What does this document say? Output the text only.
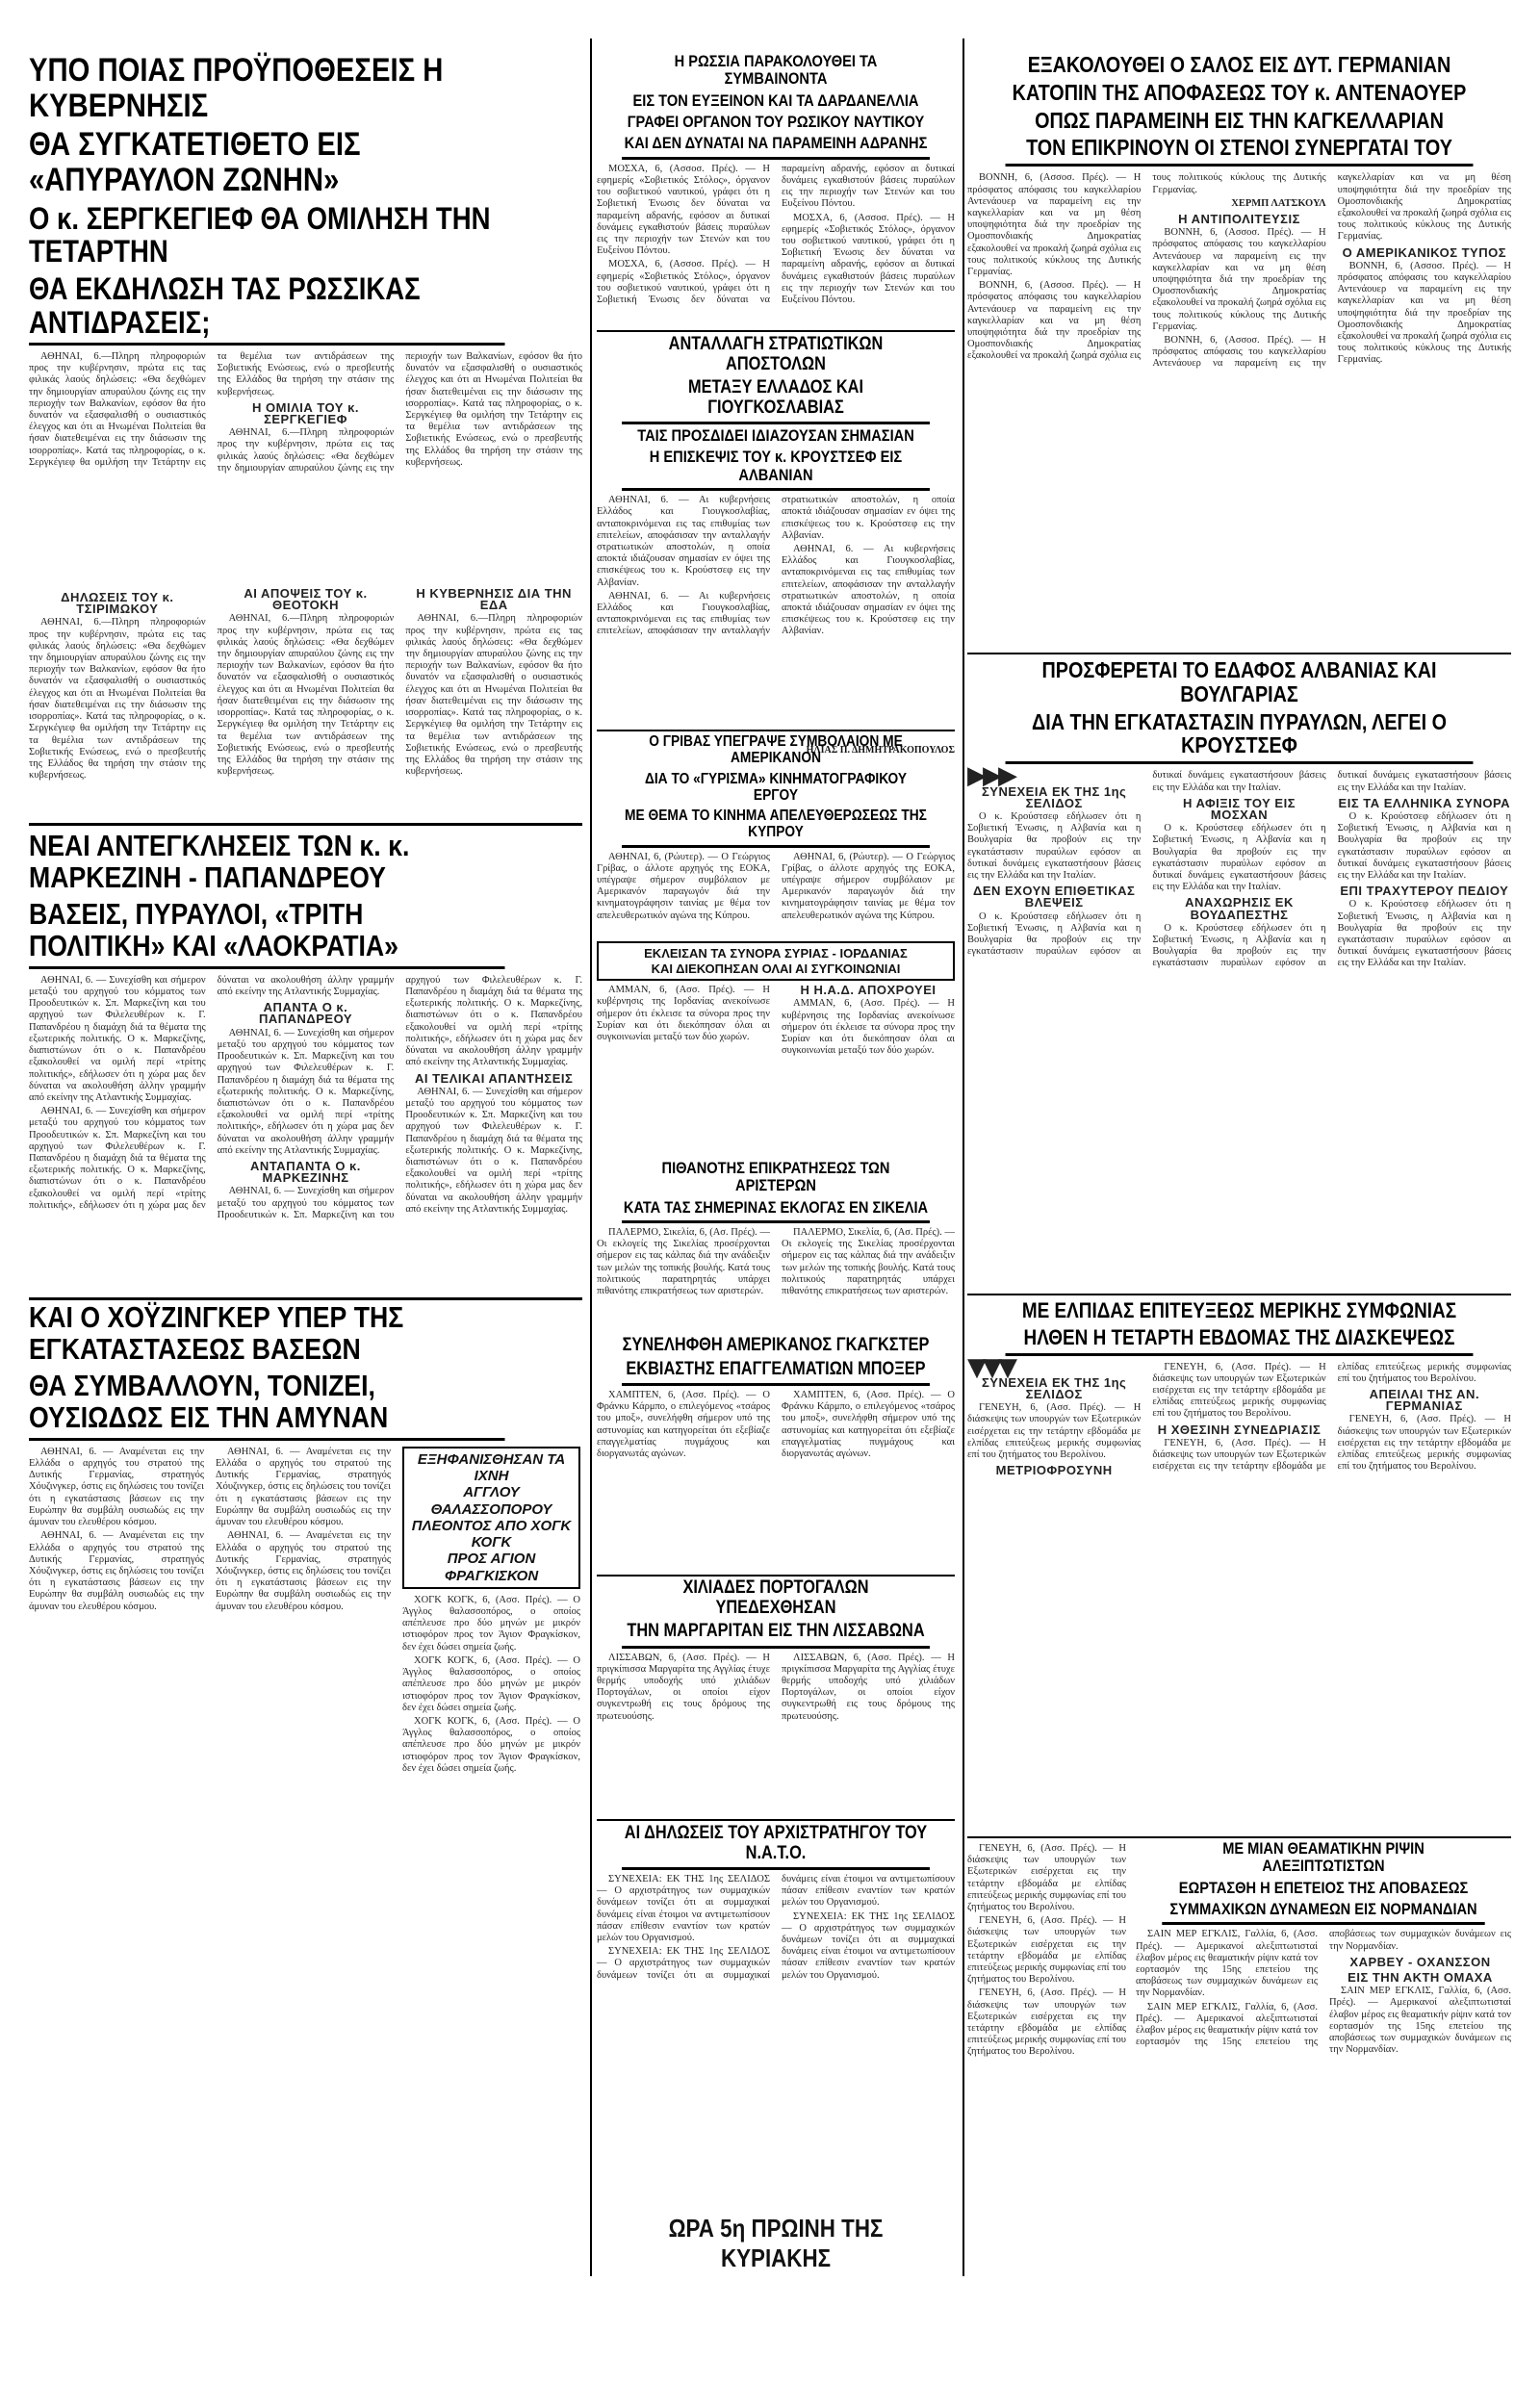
ΥΠΟ ΠΟΙΑΣ ΠΡΟΫΠΟΘΕΣΕΙΣ Η ΚΥΒΕΡΝΗΣΙΣ
ΘΑ ΣΥΓΚΑΤΕΤΙΘΕΤΟ ΕΙΣ «ΑΠΥΡΑΥΛΟΝ ΖΩΝΗΝ»
Ο κ. ΣΕΡΓΚΕΓΙΕΦ ΘΑ ΟΜΙΛΗΣΗ ΤΗΝ ΤΕΤΑΡΤΗΝ
ΘΑ ΕΚΔΗΛΩΣΗ ΤΑΣ ΡΩΣΣΙΚΑΣ ΑΝΤΙΔΡΑΣΕΙΣ;

ΑΘΗΝΑΙ, 6.—Πληρη πληροφοριών προς την κυβέρνησιν, πρώτα εις τας φιλικάς λαούς δηλώσεις: «Θα δεχθώμεν την δημιουργίαν απυραύλου ζώνης εις την περιοχήν των Βαλκανίων, εφόσον θα ήτο δυνατόν να εξασφαλισθή ο ουσιαστικός έλεγχος και ότι αι Ηνωμέναι Πολιτείαι θα ήσαν διατεθειμέναι εις την διάσωσιν της ισορροπίας». Κατά τας πληροφορίας, ο κ. Σεργκέγιεφ θα ομιλήση την Τετάρτην εις τα θεμέλια των αντιδράσεων της Σοβιετικής Ενώσεως, ενώ ο πρεσβευτής της Ελλάδος θα τηρήση την στάσιν της κυβερνήσεως.

Η ΟΜΙΛΙΑ ΤΟΥ κ. ΣΕΡΓΚΕΓΙΕΦ

ΑΘΗΝΑΙ, 6.—Πληρη πληροφοριών προς την κυβέρνησιν, πρώτα εις τας φιλικάς λαούς δηλώσεις: «Θα δεχθώμεν την δημιουργίαν απυραύλου ζώνης εις την περιοχήν των Βαλκανίων, εφόσον θα ήτο δυνατόν να εξασφαλισθή ο ουσιαστικός έλεγχος και ότι αι Ηνωμέναι Πολιτείαι θα ήσαν διατεθειμέναι εις την διάσωσιν της ισορροπίας». Κατά τας πληροφορίας, ο κ. Σεργκέγιεφ θα ομιλήση την Τετάρτην εις τα θεμέλια των αντιδράσεων της Σοβιετικής Ενώσεως, ενώ ο πρεσβευτής της Ελλάδος θα τηρήση την στάσιν της κυβερνήσεως.

ΔΗΛΩΣΕΙΣ ΤΟΥ κ. ΤΣΙΡΙΜΩΚΟΥ

ΑΘΗΝΑΙ, 6.—Πληρη πληροφοριών προς την κυβέρνησιν, πρώτα εις τας φιλικάς λαούς δηλώσεις: «Θα δεχθώμεν την δημιουργίαν απυραύλου ζώνης εις την περιοχήν των Βαλκανίων, εφόσον θα ήτο δυνατόν να εξασφαλισθή ο ουσιαστικός έλεγχος και ότι αι Ηνωμέναι Πολιτείαι θα ήσαν διατεθειμέναι εις την διάσωσιν της ισορροπίας». Κατά τας πληροφορίας, ο κ. Σεργκέγιεφ θα ομιλήση την Τετάρτην εις τα θεμέλια των αντιδράσεων της Σοβιετικής Ενώσεως, ενώ ο πρεσβευτής της Ελλάδος θα τηρήση την στάσιν της κυβερνήσεως.

ΑΙ ΑΠΟΨΕΙΣ ΤΟΥ κ. ΘΕΟΤΟΚΗ

ΑΘΗΝΑΙ, 6.—Πληρη πληροφοριών προς την κυβέρνησιν, πρώτα εις τας φιλικάς λαούς δηλώσεις: «Θα δεχθώμεν την δημιουργίαν απυραύλου ζώνης εις την περιοχήν των Βαλκανίων, εφόσον θα ήτο δυνατόν να εξασφαλισθή ο ουσιαστικός έλεγχος και ότι αι Ηνωμέναι Πολιτείαι θα ήσαν διατεθειμέναι εις την διάσωσιν της ισορροπίας». Κατά τας πληροφορίας, ο κ. Σεργκέγιεφ θα ομιλήση την Τετάρτην εις τα θεμέλια των αντιδράσεων της Σοβιετικής Ενώσεως, ενώ ο πρεσβευτής της Ελλάδος θα τηρήση την στάσιν της κυβερνήσεως.

Η ΚΥΒΕΡΝΗΣΙΣ ΔΙΑ ΤΗΝ ΕΔΑ

ΑΘΗΝΑΙ, 6.—Πληρη πληροφοριών προς την κυβέρνησιν, πρώτα εις τας φιλικάς λαούς δηλώσεις: «Θα δεχθώμεν την δημιουργίαν απυραύλου ζώνης εις την περιοχήν των Βαλκανίων, εφόσον θα ήτο δυνατόν να εξασφαλισθή ο ουσιαστικός έλεγχος και ότι αι Ηνωμέναι Πολιτείαι θα ήσαν διατεθειμέναι εις την διάσωσιν της ισορροπίας». Κατά τας πληροφορίας, ο κ. Σεργκέγιεφ θα ομιλήση την Τετάρτην εις τα θεμέλια των αντιδράσεων της Σοβιετικής Ενώσεως, ενώ ο πρεσβευτής της Ελλάδος θα τηρήση την στάσιν της κυβερνήσεως.

ΝΕΑΙ ΑΝΤΕΓΚΛΗΣΕΙΣ ΤΩΝ κ. κ. ΜΑΡΚΕΖΙΝΗ - ΠΑΠΑΝΔΡΕΟΥ
ΒΑΣΕΙΣ, ΠΥΡΑΥΛΟΙ, «ΤΡΙΤΗ ΠΟΛΙΤΙΚΗ» ΚΑΙ «ΛΑΟΚΡΑΤΙΑ»

ΑΘΗΝΑΙ, 6. — Συνεχίσθη και σήμερον μεταξύ του αρχηγού του κόμματος των Προοδευτικών κ. Σπ. Μαρκεζίνη και του αρχηγού των Φιλελευθέρων κ. Γ. Παπανδρέου η διαμάχη διά τα θέματα της εξωτερικής πολιτικής. Ο κ. Μαρκεζίνης, διαπιστώνων ότι ο κ. Παπανδρέου εξακολουθεί να ομιλή περί «τρίτης πολιτικής», εδήλωσεν ότι η χώρα μας δεν δύναται να ακολουθήση άλλην γραμμήν από εκείνην της Ατλαντικής Συμμαχίας.

ΑΘΗΝΑΙ, 6. — Συνεχίσθη και σήμερον μεταξύ του αρχηγού του κόμματος των Προοδευτικών κ. Σπ. Μαρκεζίνη και του αρχηγού των Φιλελευθέρων κ. Γ. Παπανδρέου η διαμάχη διά τα θέματα της εξωτερικής πολιτικής. Ο κ. Μαρκεζίνης, διαπιστώνων ότι ο κ. Παπανδρέου εξακολουθεί να ομιλή περί «τρίτης πολιτικής», εδήλωσεν ότι η χώρα μας δεν δύναται να ακολουθήση άλλην γραμμήν από εκείνην της Ατλαντικής Συμμαχίας.

ΑΠΑΝΤΑ Ο κ. ΠΑΠΑΝΔΡΕΟΥ

ΑΘΗΝΑΙ, 6. — Συνεχίσθη και σήμερον μεταξύ του αρχηγού του κόμματος των Προοδευτικών κ. Σπ. Μαρκεζίνη και του αρχηγού των Φιλελευθέρων κ. Γ. Παπανδρέου η διαμάχη διά τα θέματα της εξωτερικής πολιτικής. Ο κ. Μαρκεζίνης, διαπιστώνων ότι ο κ. Παπανδρέου εξακολουθεί να ομιλή περί «τρίτης πολιτικής», εδήλωσεν ότι η χώρα μας δεν δύναται να ακολουθήση άλλην γραμμήν από εκείνην της Ατλαντικής Συμμαχίας.

ΑΝΤΑΠΑΝΤΑ Ο κ. ΜΑΡΚΕΖΙΝΗΣ

ΑΘΗΝΑΙ, 6. — Συνεχίσθη και σήμερον μεταξύ του αρχηγού του κόμματος των Προοδευτικών κ. Σπ. Μαρκεζίνη και του αρχηγού των Φιλελευθέρων κ. Γ. Παπανδρέου η διαμάχη διά τα θέματα της εξωτερικής πολιτικής. Ο κ. Μαρκεζίνης, διαπιστώνων ότι ο κ. Παπανδρέου εξακολουθεί να ομιλή περί «τρίτης πολιτικής», εδήλωσεν ότι η χώρα μας δεν δύναται να ακολουθήση άλλην γραμμήν από εκείνην της Ατλαντικής Συμμαχίας.

ΑΙ ΤΕΛΙΚΑΙ ΑΠΑΝΤΗΣΕΙΣ

ΑΘΗΝΑΙ, 6. — Συνεχίσθη και σήμερον μεταξύ του αρχηγού του κόμματος των Προοδευτικών κ. Σπ. Μαρκεζίνη και του αρχηγού των Φιλελευθέρων κ. Γ. Παπανδρέου η διαμάχη διά τα θέματα της εξωτερικής πολιτικής. Ο κ. Μαρκεζίνης, διαπιστώνων ότι ο κ. Παπανδρέου εξακολουθεί να ομιλή περί «τρίτης πολιτικής», εδήλωσεν ότι η χώρα μας δεν δύναται να ακολουθήση άλλην γραμμήν από εκείνην της Ατλαντικής Συμμαχίας.

ΚΑΙ Ο ΧΟΫΖΙΝΓΚΕΡ ΥΠΕΡ ΤΗΣ ΕΓΚΑΤΑΣΤΑΣΕΩΣ ΒΑΣΕΩΝ
ΘΑ ΣΥΜΒΑΛΛΟΥΝ, ΤΟΝΙΖΕΙ, ΟΥΣΙΩΔΩΣ ΕΙΣ ΤΗΝ ΑΜΥΝΑΝ

ΑΘΗΝΑΙ, 6. — Αναμένεται εις την Ελλάδα ο αρχηγός του στρατού της Δυτικής Γερμανίας, στρατηγός Χόυζινγκερ, όστις εις δηλώσεις του τονίζει ότι η εγκατάστασις βάσεων εις την Ευρώπην θα συμβάλη ουσιωδώς εις την άμυναν του ελευθέρου κόσμου.

ΑΘΗΝΑΙ, 6. — Αναμένεται εις την Ελλάδα ο αρχηγός του στρατού της Δυτικής Γερμανίας, στρατηγός Χόυζινγκερ, όστις εις δηλώσεις του τονίζει ότι η εγκατάστασις βάσεων εις την Ευρώπην θα συμβάλη ουσιωδώς εις την άμυναν του ελευθέρου κόσμου.

ΑΘΗΝΑΙ, 6. — Αναμένεται εις την Ελλάδα ο αρχηγός του στρατού της Δυτικής Γερμανίας, στρατηγός Χόυζινγκερ, όστις εις δηλώσεις του τονίζει ότι η εγκατάστασις βάσεων εις την Ευρώπην θα συμβάλη ουσιωδώς εις την άμυναν του ελευθέρου κόσμου.

ΑΘΗΝΑΙ, 6. — Αναμένεται εις την Ελλάδα ο αρχηγός του στρατού της Δυτικής Γερμανίας, στρατηγός Χόυζινγκερ, όστις εις δηλώσεις του τονίζει ότι η εγκατάστασις βάσεων εις την Ευρώπην θα συμβάλη ουσιωδώς εις την άμυναν του ελευθέρου κόσμου.

ΕΞΗΦΑΝΙΣΘΗΣΑΝ ΤΑ ΙΧΝΗ
ΑΓΓΛΟΥ ΘΑΛΑΣΣΟΠΟΡΟΥ
ΠΛΕΟΝΤΟΣ ΑΠΟ ΧΟΓΚ ΚΟΓΚ
ΠΡΟΣ ΑΓΙΟΝ ΦΡΑΓΚΙΣΚΟΝ

ΧΟΓΚ ΚΟΓΚ, 6, (Ασσ. Πρές). — Ο Άγγλος θαλασσοπόρος, ο οποίος απέπλευσε προ δύο μηνών με μικρόν ιστιοφόρον προς τον Άγιον Φραγκίσκον, δεν έχει δώσει σημεία ζωής.

ΧΟΓΚ ΚΟΓΚ, 6, (Ασσ. Πρές). — Ο Άγγλος θαλασσοπόρος, ο οποίος απέπλευσε προ δύο μηνών με μικρόν ιστιοφόρον προς τον Άγιον Φραγκίσκον, δεν έχει δώσει σημεία ζωής.

ΧΟΓΚ ΚΟΓΚ, 6, (Ασσ. Πρές). — Ο Άγγλος θαλασσοπόρος, ο οποίος απέπλευσε προ δύο μηνών με μικρόν ιστιοφόρον προς τον Άγιον Φραγκίσκον, δεν έχει δώσει σημεία ζωής.

Η ΡΩΣΣΙΑ ΠΑΡΑΚΟΛΟΥΘΕΙ ΤΑ ΣΥΜΒΑΙΝΟΝΤΑ
ΕΙΣ ΤΟΝ ΕΥΞΕΙΝΟΝ ΚΑΙ ΤΑ ΔΑΡΔΑΝΕΛΛΙΑ
ΓΡΑΦΕΙ ΟΡΓΑΝΟΝ ΤΟΥ ΡΩΣΙΚΟΥ ΝΑΥΤΙΚΟΥ
ΚΑΙ ΔΕΝ ΔΥΝΑΤΑΙ ΝΑ ΠΑΡΑΜΕΙΝΗ ΑΔΡΑΝΗΣ

ΜΟΣΧΑ, 6, (Ασσοσ. Πρές). — Η εφημερίς «Σοβιετικός Στόλος», όργανον του σοβιετικού ναυτικού, γράφει ότι η Σοβιετική Ένωσις δεν δύναται να παραμείνη αδρανής, εφόσον αι δυτικαί δυνάμεις εγκαθιστούν βάσεις πυραύλων εις την περιοχήν των Στενών και του Ευξείνου Πόντου.

ΜΟΣΧΑ, 6, (Ασσοσ. Πρές). — Η εφημερίς «Σοβιετικός Στόλος», όργανον του σοβιετικού ναυτικού, γράφει ότι η Σοβιετική Ένωσις δεν δύναται να παραμείνη αδρανής, εφόσον αι δυτικαί δυνάμεις εγκαθιστούν βάσεις πυραύλων εις την περιοχήν των Στενών και του Ευξείνου Πόντου.

ΜΟΣΧΑ, 6, (Ασσοσ. Πρές). — Η εφημερίς «Σοβιετικός Στόλος», όργανον του σοβιετικού ναυτικού, γράφει ότι η Σοβιετική Ένωσις δεν δύναται να παραμείνη αδρανής, εφόσον αι δυτικαί δυνάμεις εγκαθιστούν βάσεις πυραύλων εις την περιοχήν των Στενών και του Ευξείνου Πόντου.

ΑΝΤΑΛΛΑΓΗ ΣΤΡΑΤΙΩΤΙΚΩΝ ΑΠΟΣΤΟΛΩΝ
ΜΕΤΑΞΥ ΕΛΛΑΔΟΣ ΚΑΙ ΓΙΟΥΓΚΟΣΛΑΒΙΑΣ
ΤΑΙΣ ΠΡΟΣΔΙΔΕΙ ΙΔΙΑΖΟΥΣΑΝ ΣΗΜΑΣΙΑΝ
Η ΕΠΙΣΚΕΨΙΣ ΤΟΥ κ. ΚΡΟΥΣΤΣΕΦ ΕΙΣ ΑΛΒΑΝΙΑΝ

ΑΘΗΝΑΙ, 6. — Αι κυβερνήσεις Ελλάδος και Γιουγκοσλαβίας, ανταποκρινόμεναι εις τας επιθυμίας των επιτελείων, αποφάσισαν την ανταλλαγήν στρατιωτικών αποστολών, η οποία αποκτά ιδιάζουσαν σημασίαν εν όψει της επισκέψεως του κ. Κρούστσεφ εις την Αλβανίαν.

ΑΘΗΝΑΙ, 6. — Αι κυβερνήσεις Ελλάδος και Γιουγκοσλαβίας, ανταποκρινόμεναι εις τας επιθυμίας των επιτελείων, αποφάσισαν την ανταλλαγήν στρατιωτικών αποστολών, η οποία αποκτά ιδιάζουσαν σημασίαν εν όψει της επισκέψεως του κ. Κρούστσεφ εις την Αλβανίαν.

ΑΘΗΝΑΙ, 6. — Αι κυβερνήσεις Ελλάδος και Γιουγκοσλαβίας, ανταποκρινόμεναι εις τας επιθυμίας των επιτελείων, αποφάσισαν την ανταλλαγήν στρατιωτικών αποστολών, η οποία αποκτά ιδιάζουσαν σημασίαν εν όψει της επισκέψεως του κ. Κρούστσεφ εις την Αλβανίαν.

ΗΛΙΑΣ Π. ΔΗΜΗΤΡΑΚΟΠΟΥΛΟΣ
Ο ΓΡΙΒΑΣ ΥΠΕΓΡΑΨΕ ΣΥΜΒΟΛΑΙΟΝ ΜΕ ΑΜΕΡΙΚΑΝΟΝ
ΔΙΑ ΤΟ «ΓΥΡΙΣΜΑ» ΚΙΝΗΜΑΤΟΓΡΑΦΙΚΟΥ ΕΡΓΟΥ
ΜΕ ΘΕΜΑ ΤΟ ΚΙΝΗΜΑ ΑΠΕΛΕΥΘΕΡΩΣΕΩΣ ΤΗΣ ΚΥΠΡΟΥ

ΑΘΗΝΑΙ, 6, (Ρώυτερ). — Ο Γεώργιος Γρίβας, ο άλλοτε αρχηγός της ΕΟΚΑ, υπέγραψε σήμερον συμβόλαιον με Αμερικανόν παραγωγόν διά την κινηματογράφησιν ταινίας με θέμα τον απελευθερωτικόν αγώνα της Κύπρου.

ΑΘΗΝΑΙ, 6, (Ρώυτερ). — Ο Γεώργιος Γρίβας, ο άλλοτε αρχηγός της ΕΟΚΑ, υπέγραψε σήμερον συμβόλαιον με Αμερικανόν παραγωγόν διά την κινηματογράφησιν ταινίας με θέμα τον απελευθερωτικόν αγώνα της Κύπρου.

ΕΚΛΕΙΣΑΝ ΤΑ ΣΥΝΟΡΑ ΣΥΡΙΑΣ - ΙΟΡΔΑΝΙΑΣ
ΚΑΙ ΔΙΕΚΟΠΗΣΑΝ ΟΛΑΙ ΑΙ ΣΥΓΚΟΙΝΩΝΙΑΙ

ΑΜΜΑΝ, 6, (Ασσ. Πρές). — Η κυβέρνησις της Ιορδανίας ανεκοίνωσε σήμερον ότι έκλεισε τα σύνορα προς την Συρίαν και ότι διεκόπησαν όλαι αι συγκοινωνίαι μεταξύ των δύο χωρών.

Η Η.Α.Δ. ΑΠΟΧΡΟΥΕΙ

ΑΜΜΑΝ, 6, (Ασσ. Πρές). — Η κυβέρνησις της Ιορδανίας ανεκοίνωσε σήμερον ότι έκλεισε τα σύνορα προς την Συρίαν και ότι διεκόπησαν όλαι αι συγκοινωνίαι μεταξύ των δύο χωρών.

ΠΙΘΑΝΟΤΗΣ ΕΠΙΚΡΑΤΗΣΕΩΣ ΤΩΝ ΑΡΙΣΤΕΡΩΝ
ΚΑΤΑ ΤΑΣ ΣΗΜΕΡΙΝΑΣ ΕΚΛΟΓΑΣ ΕΝ ΣΙΚΕΛΙΑ

ΠΑΛΕΡΜΟ, Σικελία, 6, (Ασ. Πρές). — Οι εκλογείς της Σικελίας προσέρχονται σήμερον εις τας κάλπας διά την ανάδειξιν των μελών της τοπικής βουλής. Κατά τους πολιτικούς παρατηρητάς υπάρχει πιθανότης επικρατήσεως των αριστερών.

ΠΑΛΕΡΜΟ, Σικελία, 6, (Ασ. Πρές). — Οι εκλογείς της Σικελίας προσέρχονται σήμερον εις τας κάλπας διά την ανάδειξιν των μελών της τοπικής βουλής. Κατά τους πολιτικούς παρατηρητάς υπάρχει πιθανότης επικρατήσεως των αριστερών.

ΣΥΝΕΛΗΦΘΗ ΑΜΕΡΙΚΑΝΟΣ ΓΚΑΓΚΣΤΕΡ
ΕΚΒΙΑΣΤΗΣ ΕΠΑΓΓΕΛΜΑΤΙΩΝ ΜΠΟΞΕΡ

ΧΑΜΠΤΕΝ, 6, (Ασσ. Πρές). — Ο Φράνκυ Κάρμπο, ο επιλεγόμενος «τσάρος του μποξ», συνελήφθη σήμερον υπό της αστυνομίας και κατηγορείται ότι εξεβίαζε επαγγελματίας πυγμάχους και διοργανωτάς αγώνων.

ΧΑΜΠΤΕΝ, 6, (Ασσ. Πρές). — Ο Φράνκυ Κάρμπο, ο επιλεγόμενος «τσάρος του μποξ», συνελήφθη σήμερον υπό της αστυνομίας και κατηγορείται ότι εξεβίαζε επαγγελματίας πυγμάχους και διοργανωτάς αγώνων.

ΧΙΛΙΑΔΕΣ ΠΟΡΤΟΓΑΛΩΝ ΥΠΕΔΕΧΘΗΣΑΝ
ΤΗΝ ΜΑΡΓΑΡΙΤΑΝ ΕΙΣ ΤΗΝ ΛΙΣΣΑΒΩΝΑ

ΛΙΣΣΑΒΩΝ, 6, (Ασσ. Πρές). — Η πριγκίπισσα Μαργαρίτα της Αγγλίας έτυχε θερμής υποδοχής υπό χιλιάδων Πορτογάλων, οι οποίοι είχον συγκεντρωθή εις τους δρόμους της πρωτευούσης.

ΛΙΣΣΑΒΩΝ, 6, (Ασσ. Πρές). — Η πριγκίπισσα Μαργαρίτα της Αγγλίας έτυχε θερμής υποδοχής υπό χιλιάδων Πορτογάλων, οι οποίοι είχον συγκεντρωθή εις τους δρόμους της πρωτευούσης.

ΑΙ ΔΗΛΩΣΕΙΣ ΤΟΥ ΑΡΧΙΣΤΡΑΤΗΓΟΥ ΤΟΥ Ν.Α.Τ.Ο.

ΣΥΝΕΧΕΙΑ: ΕΚ ΤΗΣ 1ης ΣΕΛΙΔΟΣ — Ο αρχιστράτηγος των συμμαχικών δυνάμεων τονίζει ότι αι συμμαχικαί δυνάμεις είναι έτοιμοι να αντιμετωπίσουν πάσαν επίθεσιν εναντίον των κρατών μελών του Οργανισμού.

ΣΥΝΕΧΕΙΑ: ΕΚ ΤΗΣ 1ης ΣΕΛΙΔΟΣ — Ο αρχιστράτηγος των συμμαχικών δυνάμεων τονίζει ότι αι συμμαχικαί δυνάμεις είναι έτοιμοι να αντιμετωπίσουν πάσαν επίθεσιν εναντίον των κρατών μελών του Οργανισμού.

ΣΥΝΕΧΕΙΑ: ΕΚ ΤΗΣ 1ης ΣΕΛΙΔΟΣ — Ο αρχιστράτηγος των συμμαχικών δυνάμεων τονίζει ότι αι συμμαχικαί δυνάμεις είναι έτοιμοι να αντιμετωπίσουν πάσαν επίθεσιν εναντίον των κρατών μελών του Οργανισμού.

ΩΡΑ 5η ΠΡΩΙΝΗ ΤΗΣ ΚΥΡΙΑΚΗΣ
ΕΞΑΚΟΛΟΥΘΕΙ Ο ΣΑΛΟΣ ΕΙΣ ΔΥΤ. ΓΕΡΜΑΝΙΑΝ
ΚΑΤΟΠΙΝ ΤΗΣ ΑΠΟΦΑΣΕΩΣ ΤΟΥ κ. ΑΝΤΕΝΑΟΥΕΡ
ΟΠΩΣ ΠΑΡΑΜΕΙΝΗ ΕΙΣ ΤΗΝ ΚΑΓΚΕΛΛΑΡΙΑΝ
ΤΟΝ ΕΠΙΚΡΙΝΟΥΝ ΟΙ ΣΤΕΝΟΙ ΣΥΝΕΡΓΑΤΑΙ ΤΟΥ

ΒΟΝΝΗ, 6, (Ασσοσ. Πρές). — Η πρόσφατος απόφασις του καγκελλαρίου Αντενάουερ να παραμείνη εις την καγκελλαρίαν και να μη θέση υποψηφιότητα διά την προεδρίαν της Ομοσπονδιακής Δημοκρατίας εξακολουθεί να προκαλή ζωηρά σχόλια εις τους πολιτικούς κύκλους της Δυτικής Γερμανίας.

ΒΟΝΝΗ, 6, (Ασσοσ. Πρές). — Η πρόσφατος απόφασις του καγκελλαρίου Αντενάουερ να παραμείνη εις την καγκελλαρίαν και να μη θέση υποψηφιότητα διά την προεδρίαν της Ομοσπονδιακής Δημοκρατίας εξακολουθεί να προκαλή ζωηρά σχόλια εις τους πολιτικούς κύκλους της Δυτικής Γερμανίας.

ΧΕΡΜΠ ΛΑΤΣΚΟΥΛ
Η ΑΝΤΙΠΟΛΙΤΕΥΣΙΣ

ΒΟΝΝΗ, 6, (Ασσοσ. Πρές). — Η πρόσφατος απόφασις του καγκελλαρίου Αντενάουερ να παραμείνη εις την καγκελλαρίαν και να μη θέση υποψηφιότητα διά την προεδρίαν της Ομοσπονδιακής Δημοκρατίας εξακολουθεί να προκαλή ζωηρά σχόλια εις τους πολιτικούς κύκλους της Δυτικής Γερμανίας.

ΒΟΝΝΗ, 6, (Ασσοσ. Πρές). — Η πρόσφατος απόφασις του καγκελλαρίου Αντενάουερ να παραμείνη εις την καγκελλαρίαν και να μη θέση υποψηφιότητα διά την προεδρίαν της Ομοσπονδιακής Δημοκρατίας εξακολουθεί να προκαλή ζωηρά σχόλια εις τους πολιτικούς κύκλους της Δυτικής Γερμανίας.

Ο ΑΜΕΡΙΚΑΝΙΚΟΣ ΤΥΠΟΣ

ΒΟΝΝΗ, 6, (Ασσοσ. Πρές). — Η πρόσφατος απόφασις του καγκελλαρίου Αντενάουερ να παραμείνη εις την καγκελλαρίαν και να μη θέση υποψηφιότητα διά την προεδρίαν της Ομοσπονδιακής Δημοκρατίας εξακολουθεί να προκαλή ζωηρά σχόλια εις τους πολιτικούς κύκλους της Δυτικής Γερμανίας.

ΠΡΟΣΦΕΡΕΤΑΙ ΤΟ ΕΔΑΦΟΣ ΑΛΒΑΝΙΑΣ ΚΑΙ ΒΟΥΛΓΑΡΙΑΣ
ΔΙΑ ΤΗΝ ΕΓΚΑΤΑΣΤΑΣΙΝ ΠΥΡΑΥΛΩΝ, ΛΕΓΕΙ Ο ΚΡΟΥΣΤΣΕΦ
▶▶▶
ΣΥΝΕΧΕΙΑ ΕΚ ΤΗΣ 1ης ΣΕΛΙΔΟΣ

Ο κ. Κρούστσεφ εδήλωσεν ότι η Σοβιετική Ένωσις, η Αλβανία και η Βουλγαρία θα προβούν εις την εγκατάστασιν πυραύλων εφόσον αι δυτικαί δυνάμεις εγκαταστήσουν βάσεις εις την Ελλάδα και την Ιταλίαν.

ΔΕΝ ΕΧΟΥΝ ΕΠΙΘΕΤΙΚΑΣ ΒΛΕΨΕΙΣ

Ο κ. Κρούστσεφ εδήλωσεν ότι η Σοβιετική Ένωσις, η Αλβανία και η Βουλγαρία θα προβούν εις την εγκατάστασιν πυραύλων εφόσον αι δυτικαί δυνάμεις εγκαταστήσουν βάσεις εις την Ελλάδα και την Ιταλίαν.

Η ΑΦΙΞΙΣ ΤΟΥ ΕΙΣ ΜΟΣΧΑΝ

Ο κ. Κρούστσεφ εδήλωσεν ότι η Σοβιετική Ένωσις, η Αλβανία και η Βουλγαρία θα προβούν εις την εγκατάστασιν πυραύλων εφόσον αι δυτικαί δυνάμεις εγκαταστήσουν βάσεις εις την Ελλάδα και την Ιταλίαν.

ΑΝΑΧΩΡΗΣΙΣ ΕΚ ΒΟΥΔΑΠΕΣΤΗΣ

Ο κ. Κρούστσεφ εδήλωσεν ότι η Σοβιετική Ένωσις, η Αλβανία και η Βουλγαρία θα προβούν εις την εγκατάστασιν πυραύλων εφόσον αι δυτικαί δυνάμεις εγκαταστήσουν βάσεις εις την Ελλάδα και την Ιταλίαν.

ΕΙΣ ΤΑ ΕΛΛΗΝΙΚΑ ΣΥΝΟΡΑ

Ο κ. Κρούστσεφ εδήλωσεν ότι η Σοβιετική Ένωσις, η Αλβανία και η Βουλγαρία θα προβούν εις την εγκατάστασιν πυραύλων εφόσον αι δυτικαί δυνάμεις εγκαταστήσουν βάσεις εις την Ελλάδα και την Ιταλίαν.

ΕΠΙ ΤΡΑΧΥΤΕΡΟΥ ΠΕΔΙΟΥ

Ο κ. Κρούστσεφ εδήλωσεν ότι η Σοβιετική Ένωσις, η Αλβανία και η Βουλγαρία θα προβούν εις την εγκατάστασιν πυραύλων εφόσον αι δυτικαί δυνάμεις εγκαταστήσουν βάσεις εις την Ελλάδα και την Ιταλίαν.

ΜΕ ΕΛΠΙΔΑΣ ΕΠΙΤΕΥΞΕΩΣ ΜΕΡΙΚΗΣ ΣΥΜΦΩΝΙΑΣ
ΗΛΘΕΝ Η ΤΕΤΑΡΤΗ ΕΒΔΟΜΑΣ ΤΗΣ ΔΙΑΣΚΕΨΕΩΣ
▼▼▼
ΣΥΝΕΧΕΙΑ ΕΚ ΤΗΣ 1ης ΣΕΛΙΔΟΣ

ΓΕΝΕΥΗ, 6, (Ασσ. Πρές). — Η διάσκεψις των υπουργών των Εξωτερικών εισέρχεται εις την τετάρτην εβδομάδα με ελπίδας επιτεύξεως μερικής συμφωνίας επί του ζητήματος του Βερολίνου.

ΜΕΤΡΙΟΦΡΟΣΥΝΗ

ΓΕΝΕΥΗ, 6, (Ασσ. Πρές). — Η διάσκεψις των υπουργών των Εξωτερικών εισέρχεται εις την τετάρτην εβδομάδα με ελπίδας επιτεύξεως μερικής συμφωνίας επί του ζητήματος του Βερολίνου.

Η ΧΘΕΣΙΝΗ ΣΥΝΕΔΡΙΑΣΙΣ

ΓΕΝΕΥΗ, 6, (Ασσ. Πρές). — Η διάσκεψις των υπουργών των Εξωτερικών εισέρχεται εις την τετάρτην εβδομάδα με ελπίδας επιτεύξεως μερικής συμφωνίας επί του ζητήματος του Βερολίνου.

ΑΠΕΙΛΑΙ ΤΗΣ ΑΝ. ΓΕΡΜΑΝΙΑΣ

ΓΕΝΕΥΗ, 6, (Ασσ. Πρές). — Η διάσκεψις των υπουργών των Εξωτερικών εισέρχεται εις την τετάρτην εβδομάδα με ελπίδας επιτεύξεως μερικής συμφωνίας επί του ζητήματος του Βερολίνου.

ΜΕ ΜΙΑΝ ΘΕΑΜΑΤΙΚΗΝ ΡΙΨΙΝ ΑΛΕΞΙΠΤΩΤΙΣΤΩΝ
ΕΩΡΤΑΣΘΗ Η ΕΠΕΤΕΙΟΣ ΤΗΣ ΑΠΟΒΑΣΕΩΣ
ΣΥΜΜΑΧΙΚΩΝ ΔΥΝΑΜΕΩΝ ΕΙΣ ΝΟΡΜΑΝΔΙΑΝ

ΣΑΙΝ ΜΕΡ ΕΓΚΛΙΣ, Γαλλία, 6, (Ασσ. Πρές). — Αμερικανοί αλεξιπτωτισταί έλαβον μέρος εις θεαματικήν ρίψιν κατά τον εορτασμόν της 15ης επετείου της αποβάσεως των συμμαχικών δυνάμεων εις την Νορμανδίαν.

ΣΑΙΝ ΜΕΡ ΕΓΚΛΙΣ, Γαλλία, 6, (Ασσ. Πρές). — Αμερικανοί αλεξιπτωτισταί έλαβον μέρος εις θεαματικήν ρίψιν κατά τον εορτασμόν της 15ης επετείου της αποβάσεως των συμμαχικών δυνάμεων εις την Νορμανδίαν.

ΧΑΡΒΕΥ - ΟΧΑΝΣΣΟΝ
ΕΙΣ ΤΗΝ ΑΚΤΗ ΟΜΑΧΑ

ΣΑΙΝ ΜΕΡ ΕΓΚΛΙΣ, Γαλλία, 6, (Ασσ. Πρές). — Αμερικανοί αλεξιπτωτισταί έλαβον μέρος εις θεαματικήν ρίψιν κατά τον εορτασμόν της 15ης επετείου της αποβάσεως των συμμαχικών δυνάμεων εις την Νορμανδίαν.

ΓΕΝΕΥΗ, 6, (Ασσ. Πρές). — Η διάσκεψις των υπουργών των Εξωτερικών εισέρχεται εις την τετάρτην εβδομάδα με ελπίδας επιτεύξεως μερικής συμφωνίας επί του ζητήματος του Βερολίνου.

ΓΕΝΕΥΗ, 6, (Ασσ. Πρές). — Η διάσκεψις των υπουργών των Εξωτερικών εισέρχεται εις την τετάρτην εβδομάδα με ελπίδας επιτεύξεως μερικής συμφωνίας επί του ζητήματος του Βερολίνου.

ΓΕΝΕΥΗ, 6, (Ασσ. Πρές). — Η διάσκεψις των υπουργών των Εξωτερικών εισέρχεται εις την τετάρτην εβδομάδα με ελπίδας επιτεύξεως μερικής συμφωνίας επί του ζητήματος του Βερολίνου.
